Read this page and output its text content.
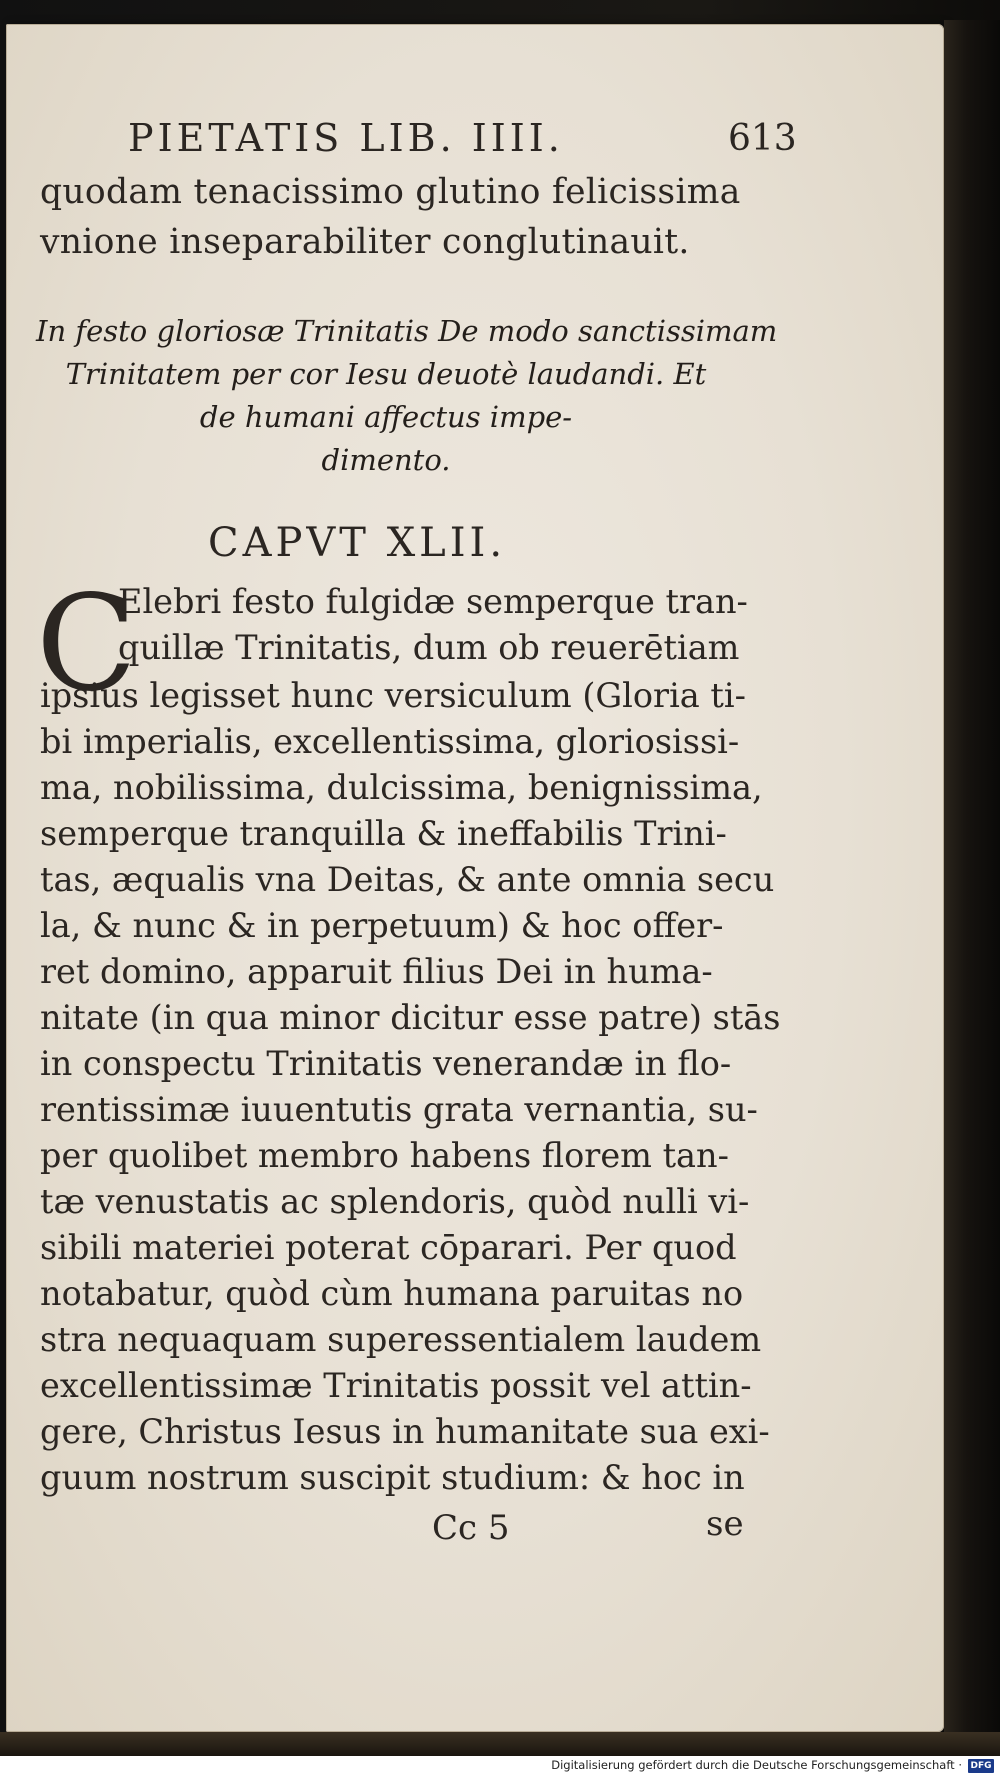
PIETATIS LIB. IIII.	613
quodam tenacissimo glutino felicissima
vnione inseparabiliter conglutinauit.
In festo gloriosæ Trinitatis De modo sanctissimam
Trinitatem per cor Iesu deuotè laudandi. Et
de humani affectus impe-
dimento.
CAPVT XLII.
C
Elebri festo fulgidæ semperque tran-
quillæ Trinitatis, dum ob reuerētiam
ipsius legisset hunc versiculum (Gloria ti-
bi imperialis, excellentissima, gloriosissi-
ma, nobilissima, dulcissima, benignissima,
semperque tranquilla & ineffabilis Trini-
tas, æqualis vna Deitas, & ante omnia secu
la, & nunc & in perpetuum) & hoc offer-
ret domino, apparuit filius Dei in huma-
nitate (in qua minor dicitur esse patre) stās
in conspectu Trinitatis venerandæ in flo-
rentissimæ iuuentutis grata vernantia, su-
per quolibet membro habens florem tan-
tæ venustatis ac splendoris, quòd nulli vi-
sibili materiei poterat cōparari. Per quod
notabatur, quòd cùm humana paruitas no
stra nequaquam superessentialem laudem
excellentissimæ Trinitatis possit vel attin-
gere, Christus Iesus in humanitate sua exi-
guum nostrum suscipit studium: & hoc in
Cc 5	se
Digitalisierung gefördert durch die Deutsche Forschungsgemeinschaft · DFG
